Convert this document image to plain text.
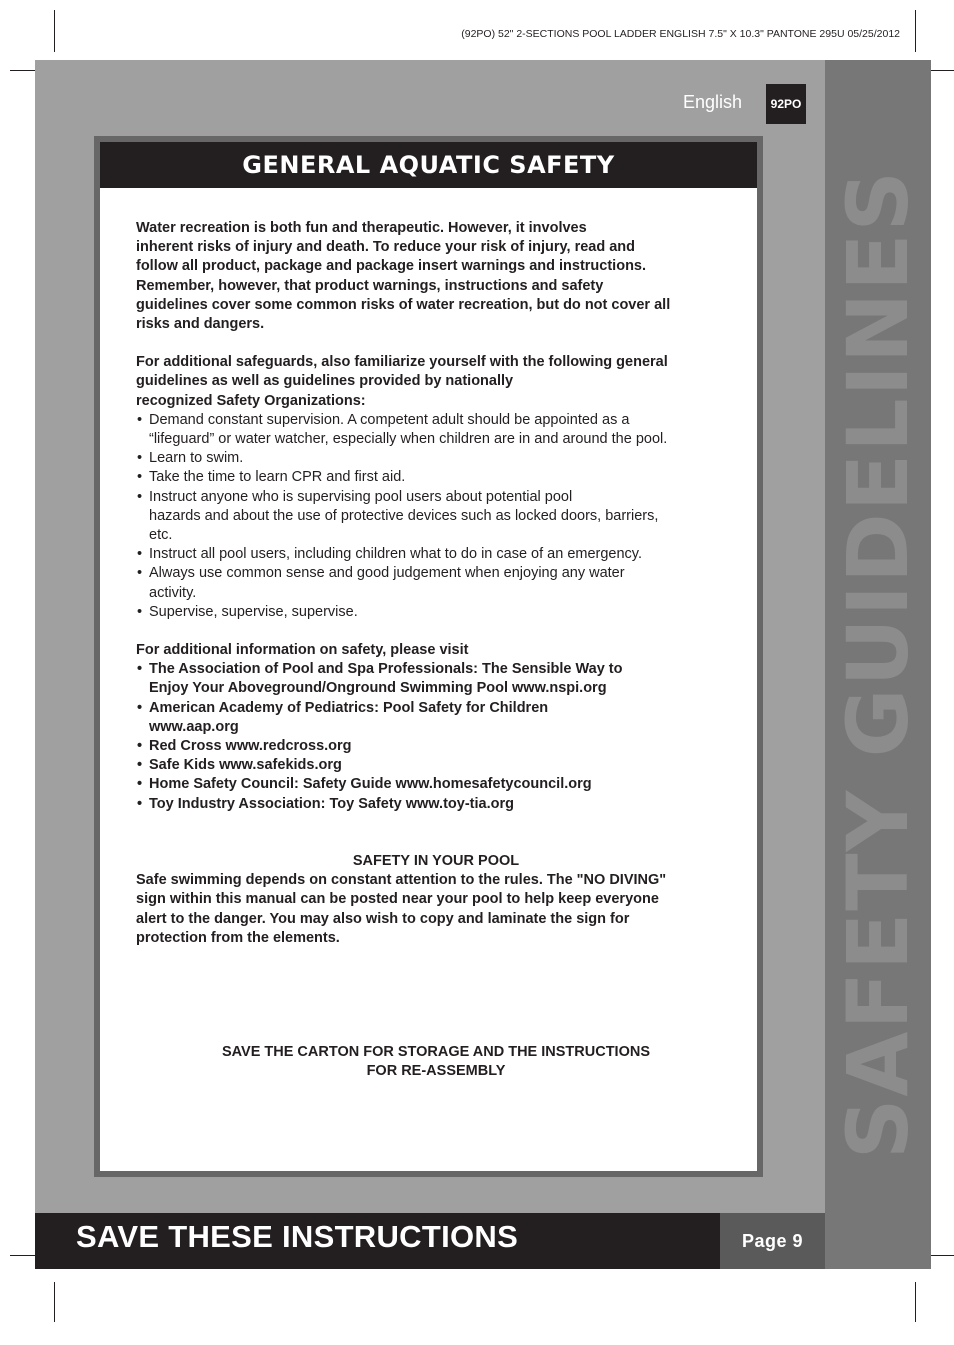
(92PO) 52" 2-SECTIONS POOL LADDER ENGLISH 7.5" X 10.3" PANTONE 295U 05/25/2012
SAFETY GUIDELINES
English	92PO
GENERAL AQUATIC SAFETY
Water recreation is both fun and therapeutic. However, it involves
inherent risks of injury and death. To reduce your risk of injury, read and
follow all product, package and package insert warnings and instructions.
Remember, however, that product warnings, instructions and safety
guidelines cover some common risks of water recreation, but do not cover all
risks and dangers.
For additional safeguards, also familiarize yourself with the following general
guidelines as well as guidelines provided by nationally
recognized Safety Organizations:
• Demand constant supervision. A competent adult should be appointed as a
“lifeguard” or water watcher, especially when children are in and around the pool.
• Learn to swim.
• Take the time to learn CPR and first aid.
• Instruct anyone who is supervising pool users about potential pool
hazards and about the use of protective devices such as locked doors, barriers,
etc.
• Instruct all pool users, including children what to do in case of an emergency.
• Always use common sense and good judgement when enjoying any water
activity.
• Supervise, supervise, supervise.
For additional information on safety, please visit
• The Association of Pool and Spa Professionals: The Sensible Way to
Enjoy Your Aboveground/Onground Swimming Pool www.nspi.org
• American Academy of Pediatrics: Pool Safety for Children
www.aap.org
• Red Cross www.redcross.org
• Safe Kids www.safekids.org
• Home Safety Council: Safety Guide www.homesafetycouncil.org
• Toy Industry Association: Toy Safety www.toy-tia.org
SAFETY IN YOUR POOL
Safe swimming depends on constant attention to the rules. The "NO DIVING"
sign within this manual can be posted near your pool to help keep everyone
alert to the danger. You may also wish to copy and laminate the sign for
protection from the elements.
SAVE THE CARTON FOR STORAGE AND THE INSTRUCTIONS
FOR RE-ASSEMBLY
SAVE THESE INSTRUCTIONS	Page 9
